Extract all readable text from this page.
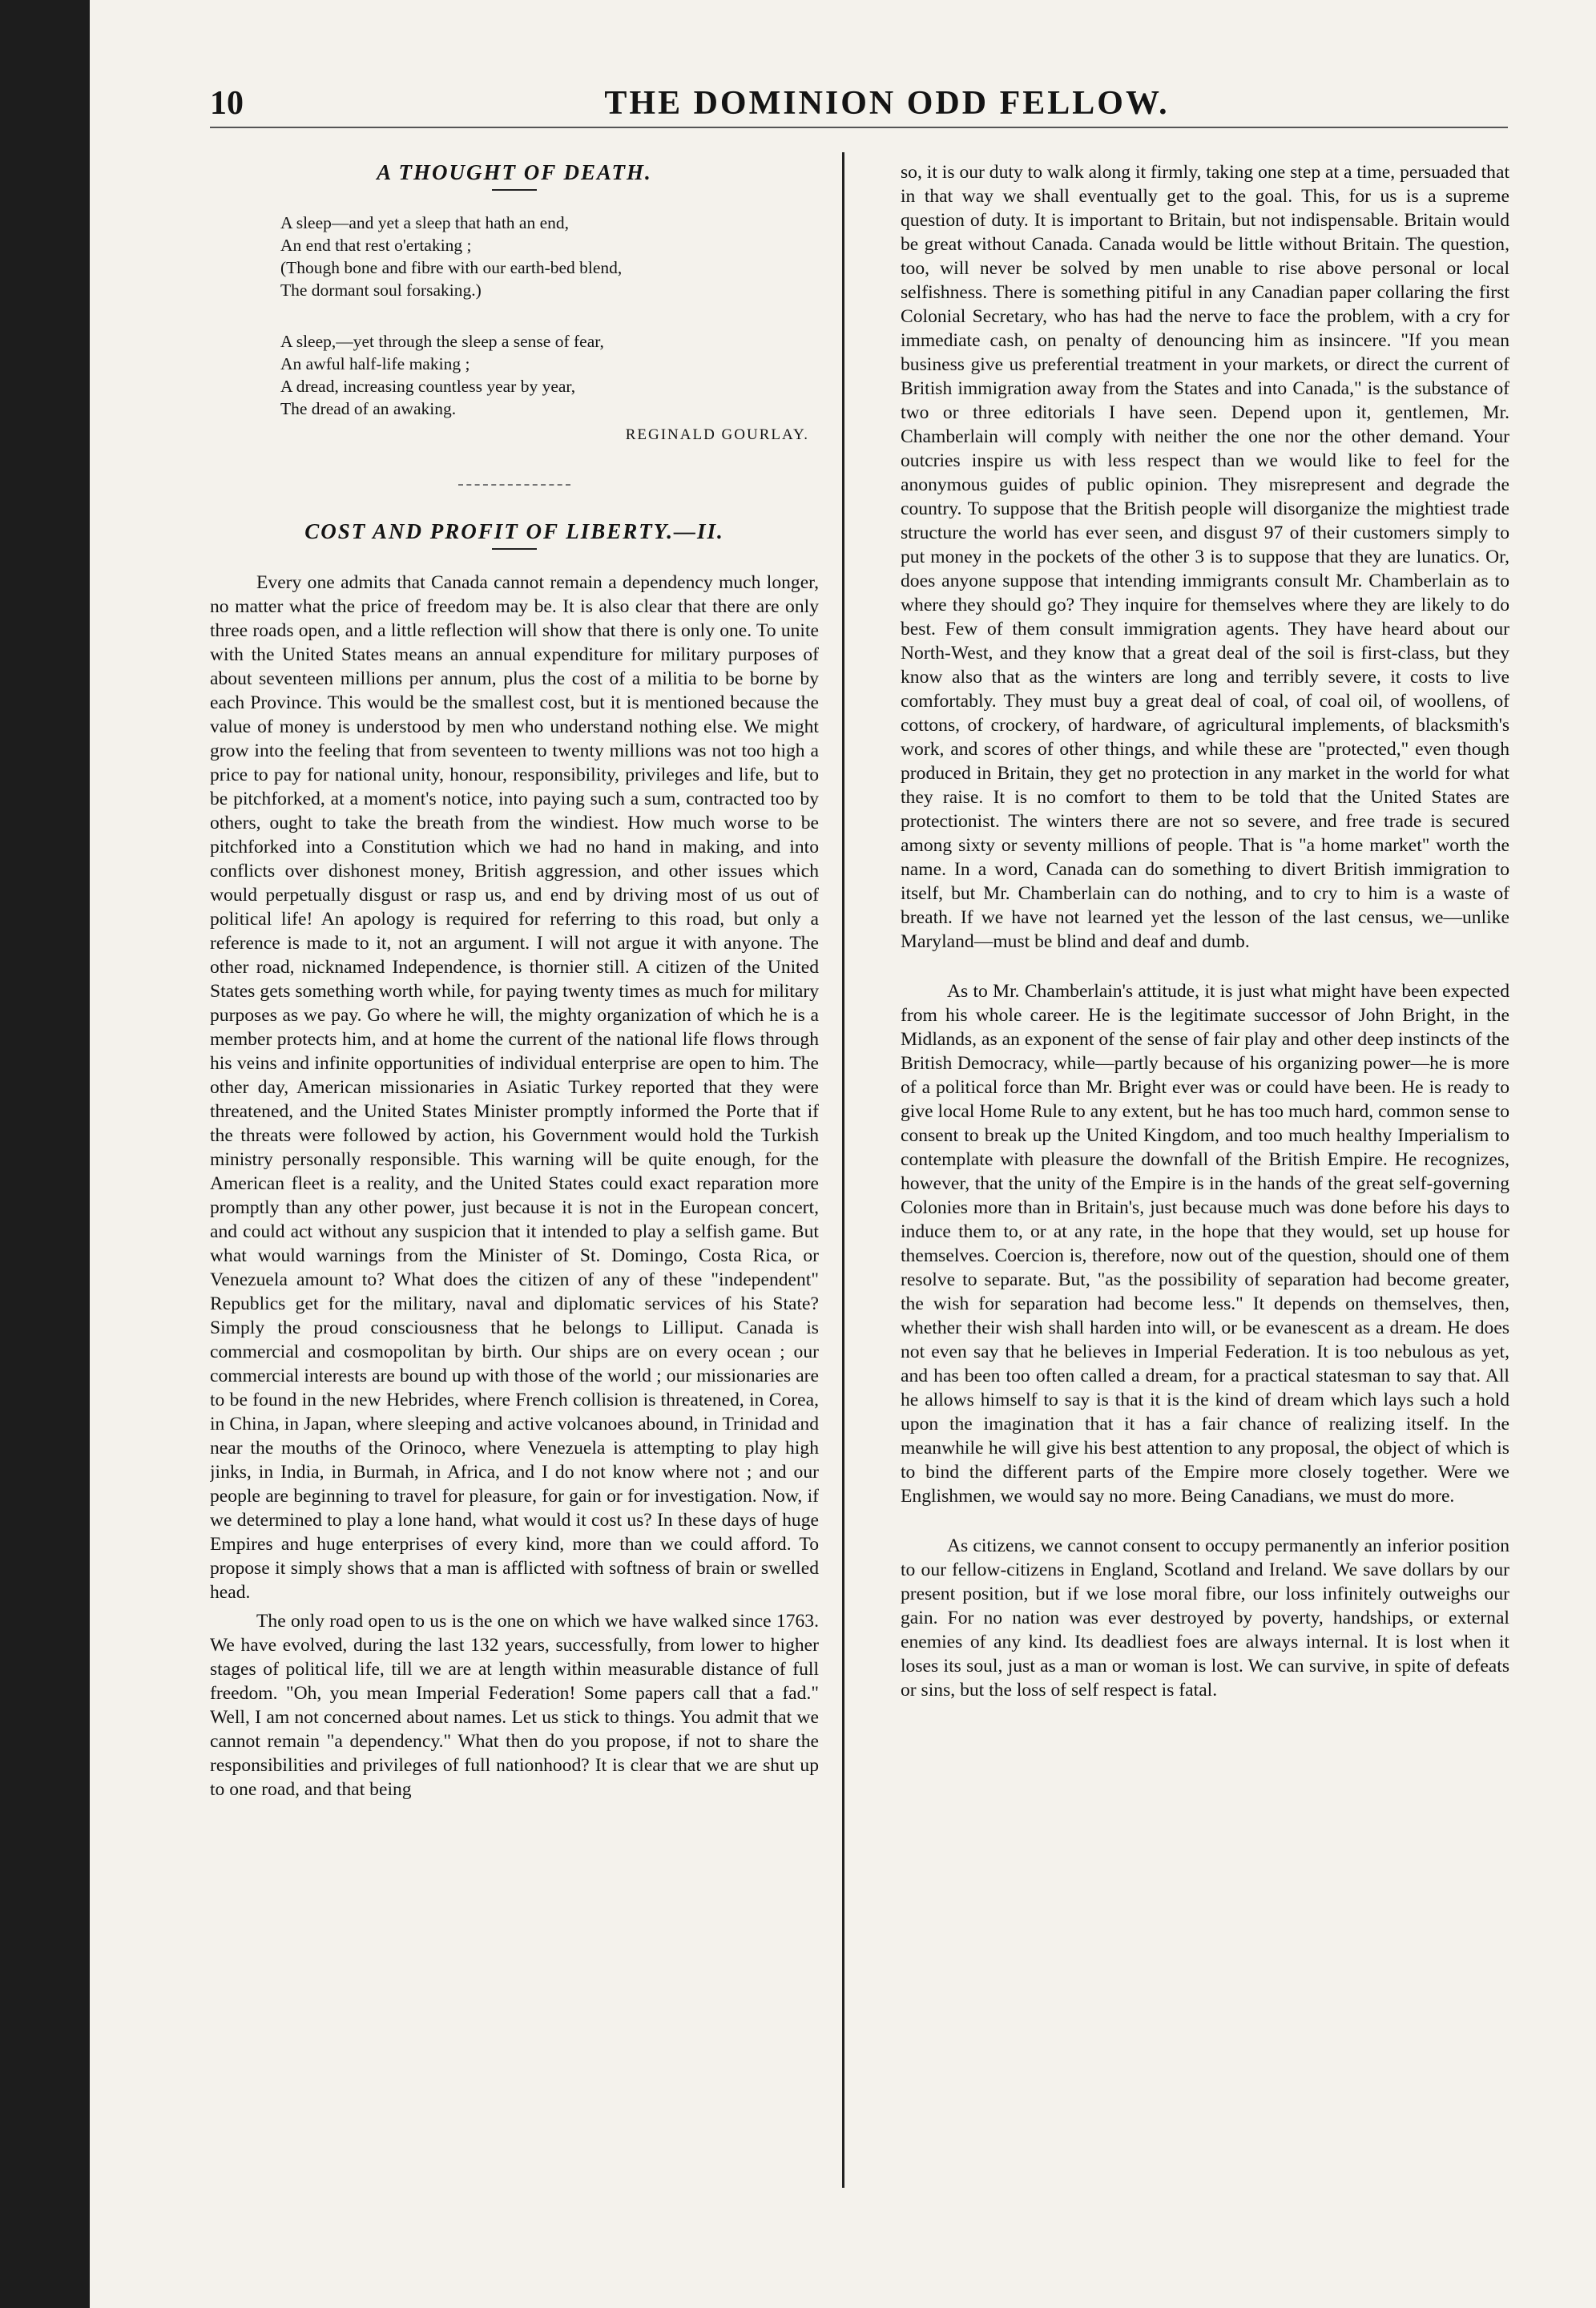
10	THE DOMINION ODD FELLOW.
A THOUGHT OF DEATH.
A sleep—and yet a sleep that hath an end,
An end that rest o'ertaking ;
(Though bone and fibre with our earth-bed blend,
The dormant soul forsaking.)
A sleep,—yet through the sleep a sense of fear,
An awful half-life making ;
A dread, increasing countless year by year,
The dread of an awaking.
REGINALD GOURLAY.
COST AND PROFIT OF LIBERTY.—II.

Every one admits that Canada cannot remain a dependency much longer, no matter what the price of freedom may be. It is also clear that there are only three roads open, and a little reflection will show that there is only one. To unite with the United States means an annual expenditure for military purposes of about seventeen millions per annum, plus the cost of a militia to be borne by each Province. This would be the smallest cost, but it is mentioned because the value of money is understood by men who understand nothing else. We might grow into the feeling that from seventeen to twenty millions was not too high a price to pay for national unity, honour, responsibility, privileges and life, but to be pitchforked, at a moment's notice, into paying such a sum, contracted too by others, ought to take the breath from the windiest. How much worse to be pitchforked into a Constitution which we had no hand in making, and into conflicts over dishonest money, British aggression, and other issues which would perpetually disgust or rasp us, and end by driving most of us out of political life! An apology is required for referring to this road, but only a reference is made to it, not an argument. I will not argue it with anyone. The other road, nicknamed Independence, is thornier still. A citizen of the United States gets something worth while, for paying twenty times as much for military purposes as we pay. Go where he will, the mighty organization of which he is a member protects him, and at home the current of the national life flows through his veins and infinite opportunities of individual enterprise are open to him. The other day, American missionaries in Asiatic Turkey reported that they were threatened, and the United States Minister promptly informed the Porte that if the threats were followed by action, his Government would hold the Turkish ministry personally responsible. This warning will be quite enough, for the American fleet is a reality, and the United States could exact reparation more promptly than any other power, just because it is not in the European concert, and could act without any suspicion that it intended to play a selfish game. But what would warnings from the Minister of St. Domingo, Costa Rica, or Venezuela amount to? What does the citizen of any of these "independent" Republics get for the military, naval and diplomatic services of his State? Simply the proud consciousness that he belongs to Lilliput. Canada is commercial and cosmopolitan by birth. Our ships are on every ocean ; our commercial interests are bound up with those of the world ; our missionaries are to be found in the new Hebrides, where French collision is threatened, in Corea, in China, in Japan, where sleeping and active volcanoes abound, in Trinidad and near the mouths of the Orinoco, where Venezuela is attempting to play high jinks, in India, in Burmah, in Africa, and I do not know where not ; and our people are beginning to travel for pleasure, for gain or for investigation. Now, if we determined to play a lone hand, what would it cost us? In these days of huge Empires and huge enterprises of every kind, more than we could afford. To propose it simply shows that a man is afflicted with softness of brain or swelled head.

The only road open to us is the one on which we have walked since 1763. We have evolved, during the last 132 years, successfully, from lower to higher stages of political life, till we are at length within measurable distance of full freedom. "Oh, you mean Imperial Federation! Some papers call that a fad." Well, I am not concerned about names. Let us stick to things. You admit that we cannot remain "a dependency." What then do you propose, if not to share the responsibilities and privileges of full nationhood? It is clear that we are shut up to one road, and that being

so, it is our duty to walk along it firmly, taking one step at a time, persuaded that in that way we shall eventually get to the goal. This, for us is a supreme question of duty. It is important to Britain, but not indispensable. Britain would be great without Canada. Canada would be little without Britain. The question, too, will never be solved by men unable to rise above personal or local selfishness. There is something pitiful in any Canadian paper collaring the first Colonial Secretary, who has had the nerve to face the problem, with a cry for immediate cash, on penalty of denouncing him as insincere. "If you mean business give us preferential treatment in your markets, or direct the current of British immigration away from the States and into Canada," is the substance of two or three editorials I have seen. Depend upon it, gentlemen, Mr. Chamberlain will comply with neither the one nor the other demand. Your outcries inspire us with less respect than we would like to feel for the anonymous guides of public opinion. They misrepresent and degrade the country. To suppose that the British people will disorganize the mightiest trade structure the world has ever seen, and disgust 97 of their customers simply to put money in the pockets of the other 3 is to suppose that they are lunatics. Or, does anyone suppose that intending immigrants consult Mr. Chamberlain as to where they should go? They inquire for themselves where they are likely to do best. Few of them consult immigration agents. They have heard about our North-West, and they know that a great deal of the soil is first-class, but they know also that as the winters are long and terribly severe, it costs to live comfortably. They must buy a great deal of coal, of coal oil, of woollens, of cottons, of crockery, of hardware, of agricultural implements, of blacksmith's work, and scores of other things, and while these are "protected," even though produced in Britain, they get no protection in any market in the world for what they raise. It is no comfort to them to be told that the United States are protectionist. The winters there are not so severe, and free trade is secured among sixty or seventy millions of people. That is "a home market" worth the name. In a word, Canada can do something to divert British immigration to itself, but Mr. Chamberlain can do nothing, and to cry to him is a waste of breath. If we have not learned yet the lesson of the last census, we—unlike Maryland—must be blind and deaf and dumb.

As to Mr. Chamberlain's attitude, it is just what might have been expected from his whole career. He is the legitimate successor of John Bright, in the Midlands, as an exponent of the sense of fair play and other deep instincts of the British Democracy, while—partly because of his organizing power—he is more of a political force than Mr. Bright ever was or could have been. He is ready to give local Home Rule to any extent, but he has too much hard, common sense to consent to break up the United Kingdom, and too much healthy Imperialism to contemplate with pleasure the downfall of the British Empire. He recognizes, however, that the unity of the Empire is in the hands of the great self-governing Colonies more than in Britain's, just because much was done before his days to induce them to, or at any rate, in the hope that they would, set up house for themselves. Coercion is, therefore, now out of the question, should one of them resolve to separate. But, "as the possibility of separation had become greater, the wish for separation had become less." It depends on themselves, then, whether their wish shall harden into will, or be evanescent as a dream. He does not even say that he believes in Imperial Federation. It is too nebulous as yet, and has been too often called a dream, for a practical statesman to say that. All he allows himself to say is that it is the kind of dream which lays such a hold upon the imagination that it has a fair chance of realizing itself. In the meanwhile he will give his best attention to any proposal, the object of which is to bind the different parts of the Empire more closely together. Were we Englishmen, we would say no more. Being Canadians, we must do more.

As citizens, we cannot consent to occupy permanently an inferior position to our fellow-citizens in England, Scotland and Ireland. We save dollars by our present position, but if we lose moral fibre, our loss infinitely outweighs our gain. For no nation was ever destroyed by poverty, handships, or external enemies of any kind. Its deadliest foes are always internal. It is lost when it loses its soul, just as a man or woman is lost. We can survive, in spite of defeats or sins, but the loss of self respect is fatal.
